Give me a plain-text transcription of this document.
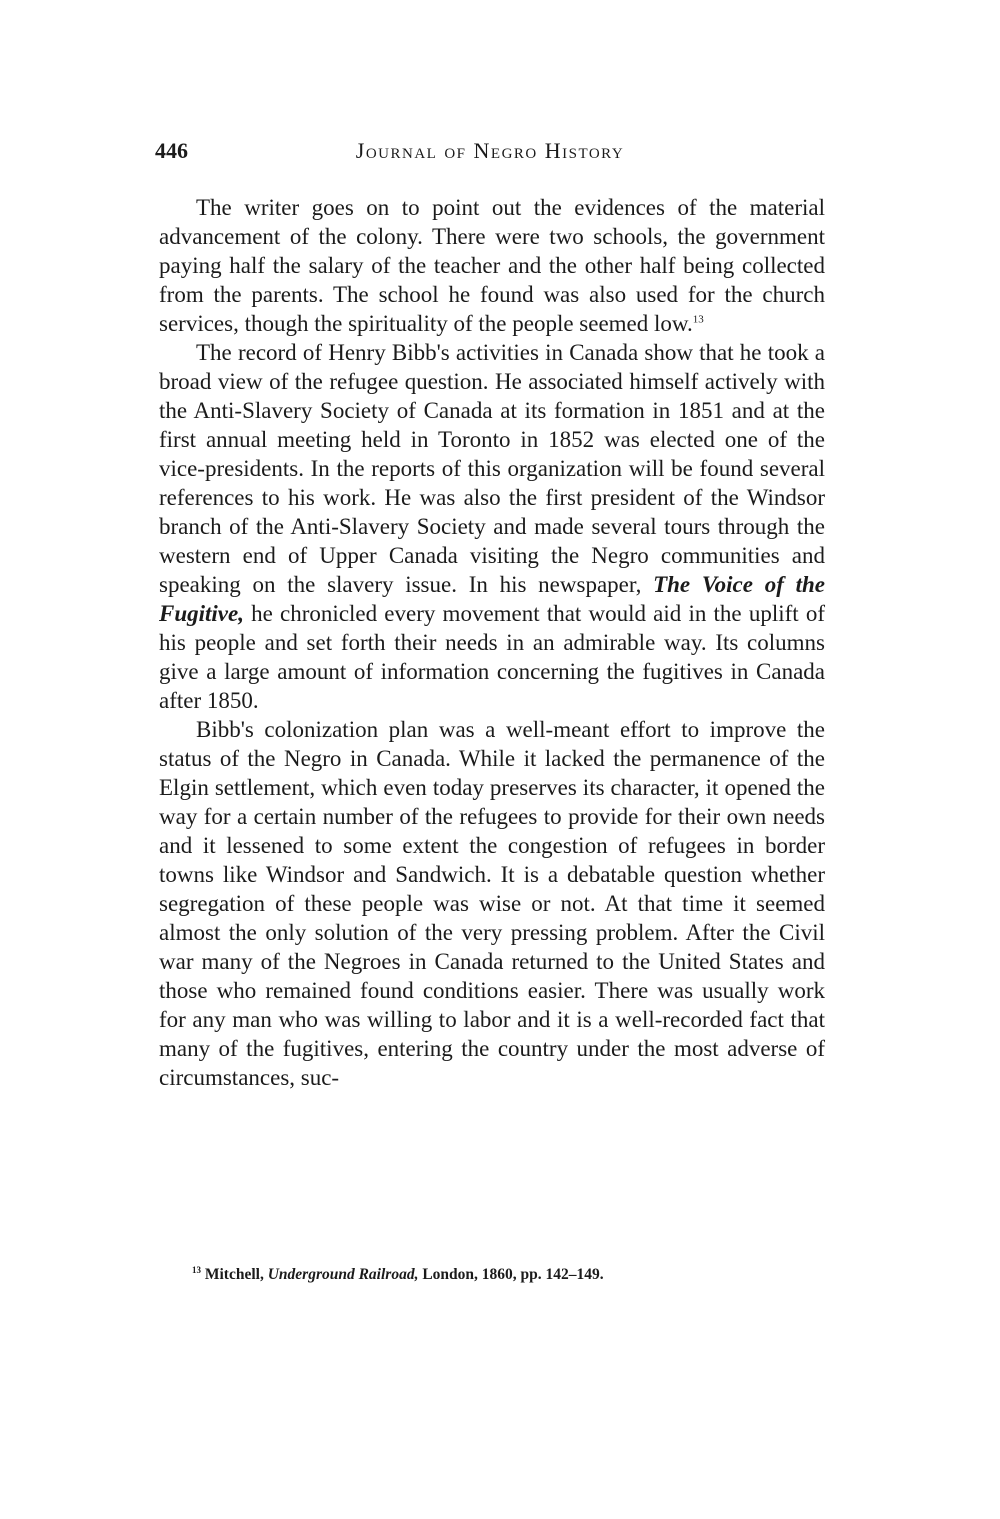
446	Journal of Negro History

The writer goes on to point out the evidences of the material advancement of the colony. There were two schools, the government paying half the salary of the teacher and the other half being collected from the parents. The school he found was also used for the church services, though the spirituality of the people seemed low.$^{13}$

The record of Henry Bibb's activities in Canada show that he took a broad view of the refugee question. He associated himself actively with the Anti-Slavery Society of Canada at its formation in 1851 and at the first annual meeting held in Toronto in 1852 was elected one of the vice-presidents. In the reports of this organization will be found several references to his work. He was also the first president of the Windsor branch of the Anti-Slavery Society and made several tours through the western end of Upper Canada visiting the Negro communities and speaking on the slavery issue. In his newspaper, The Voice of the Fugitive, he chronicled every movement that would aid in the uplift of his people and set forth their needs in an admirable way. Its columns give a large amount of information concerning the fugitives in Canada after 1850.

Bibb's colonization plan was a well-meant effort to improve the status of the Negro in Canada. While it lacked the permanence of the Elgin settlement, which even today preserves its character, it opened the way for a certain number of the refugees to provide for their own needs and it lessened to some extent the congestion of refugees in border towns like Windsor and Sandwich. It is a debatable question whether segregation of these people was wise or not. At that time it seemed almost the only solution of the very pressing problem. After the Civil war many of the Negroes in Canada returned to the United States and those who remained found conditions easier. There was usually work for any man who was willing to labor and it is a well-recorded fact that many of the fugitives, entering the country under the most adverse of circumstances, suc-

$^{13}$ Mitchell, Underground Railroad, London, 1860, pp. 142–149.
